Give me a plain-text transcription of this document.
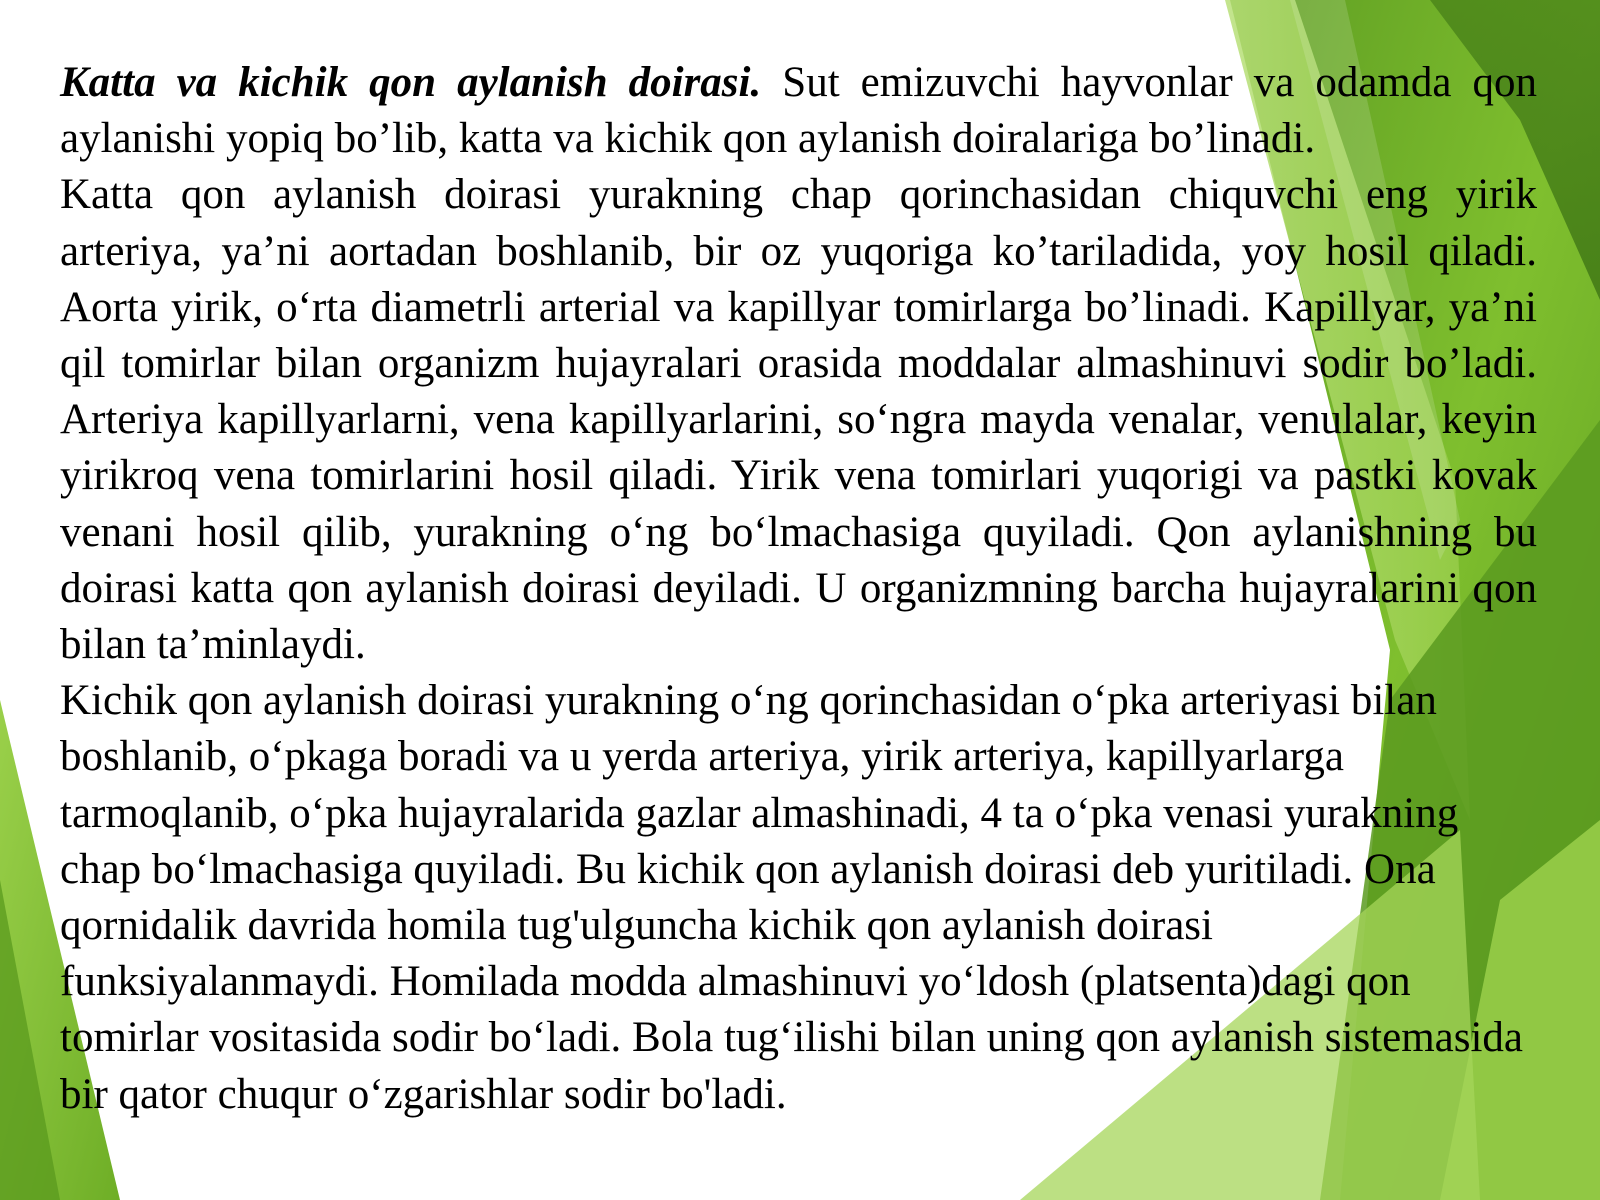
Katta va kichik qon aylanish doirasi. Sut emizuvchi hayvonlar va odamda qon aylanishi yopiq bo’lib, katta va kichik qon aylanish doiralariga bo’linadi.

Katta qon aylanish doirasi yurakning chap qorinchasidan chiquvchi eng yirik arteriya, ya’ni aortadan boshlanib, bir oz yuqoriga ko’tariladida, yoy hosil qiladi. Aorta yirik, o‘rta diametrli arterial va kapillyar tomirlarga bo’linadi. Kapillyar, ya’ni qil tomirlar bilan organizm hujayralari orasida moddalar almashinuvi sodir bo’ladi. Arteriya kapillyarlarni, vena kapillyarlarini, so‘ngra mayda venalar, venulalar, keyin yirikroq vena tomirlarini hosil qiladi. Yirik vena tomirlari yuqorigi va pastki kovak venani hosil qilib, yurakning o‘ng bo‘lmachasiga quyiladi. Qon aylanishning bu doirasi katta qon aylanish doirasi deyiladi. U organizmning barcha hujayralarini qon bilan ta’minlaydi.

Kichik qon aylanish doirasi yurakning o‘ng qorinchasidan o‘pka arteriyasi bilan boshlanib, o‘pkaga boradi va u yerda arteriya, yirik arteriya, kapillyarlarga tarmoqlanib, o‘pka hujayralarida gazlar almashinadi, 4 ta o‘pka venasi yurakning chap bo‘lmachasiga quyiladi. Bu kichik qon aylanish doirasi deb yuritiladi. Ona qornidalik davrida homila tug'ulguncha kichik qon aylanish doirasi funksiyalanmaydi. Homilada modda almashinuvi yo‘ldosh (platsenta)dagi qon tomirlar vositasida sodir bo‘ladi. Bola tug‘ilishi bilan uning qon aylanish sistemasida bir qator chuqur o‘zgarishlar sodir bo'ladi.
